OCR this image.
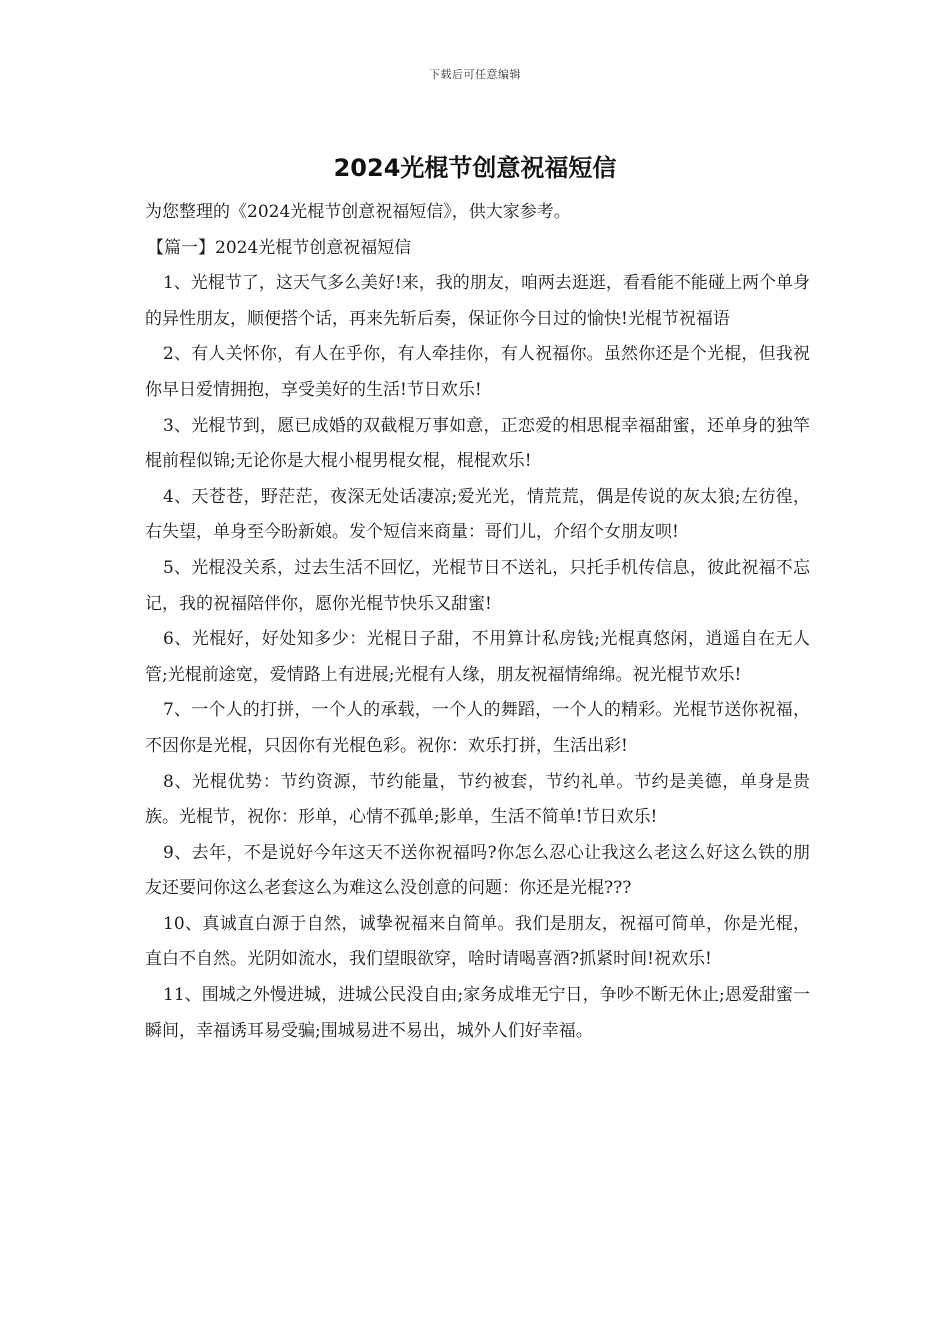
下载后可任意编辑
2024光棍节创意祝福短信

为您整理的《2024光棍节创意祝福短信》，供大家参考。

【篇一】2024光棍节创意祝福短信

1、光棍节了，这天气多么美好!来，我的朋友，咱两去逛逛，看看能不能碰上两个单身的异性朋友，顺便搭个话，再来先斩后奏，保证你今日过的愉快!光棍节祝福语

2、有人关怀你，有人在乎你，有人牵挂你，有人祝福你。虽然你还是个光棍，但我祝你早日爱情拥抱，享受美好的生活!节日欢乐!

3、光棍节到，愿已成婚的双截棍万事如意，正恋爱的相思棍幸福甜蜜，还单身的独竿棍前程似锦;无论你是大棍小棍男棍女棍，棍棍欢乐!

4、天苍苍，野茫茫，夜深无处话凄凉;爱光光，情荒荒，偶是传说的灰太狼;左彷徨，右失望，单身至今盼新娘。发个短信来商量：哥们儿，介绍个女朋友呗!

5、光棍没关系，过去生活不回忆，光棍节日不送礼，只托手机传信息，彼此祝福不忘记，我的祝福陪伴你，愿你光棍节快乐又甜蜜!

6、光棍好，好处知多少：光棍日子甜，不用算计私房钱;光棍真悠闲，逍遥自在无人管;光棍前途宽，爱情路上有进展;光棍有人缘，朋友祝福情绵绵。祝光棍节欢乐!

7、一个人的打拼，一个人的承载，一个人的舞蹈，一个人的精彩。光棍节送你祝福，不因你是光棍，只因你有光棍色彩。祝你：欢乐打拼，生活出彩!

8、光棍优势：节约资源，节约能量，节约被套，节约礼单。节约是美德，单身是贵族。光棍节，祝你：形单，心情不孤单;影单，生活不简单!节日欢乐!

9、去年，不是说好今年这天不送你祝福吗?你怎么忍心让我这么老这么好这么铁的朋友还要问你这么老套这么为难这么没创意的问题：你还是光棍???

10、真诚直白源于自然，诚挚祝福来自简单。我们是朋友，祝福可简单，你是光棍，直白不自然。光阴如流水，我们望眼欲穿，啥时请喝喜酒?抓紧时间!祝欢乐!

11、围城之外慢进城，进城公民没自由;家务成堆无宁日，争吵不断无休止;恩爱甜蜜一瞬间，幸福诱耳易受骗;围城易进不易出，城外人们好幸福。
